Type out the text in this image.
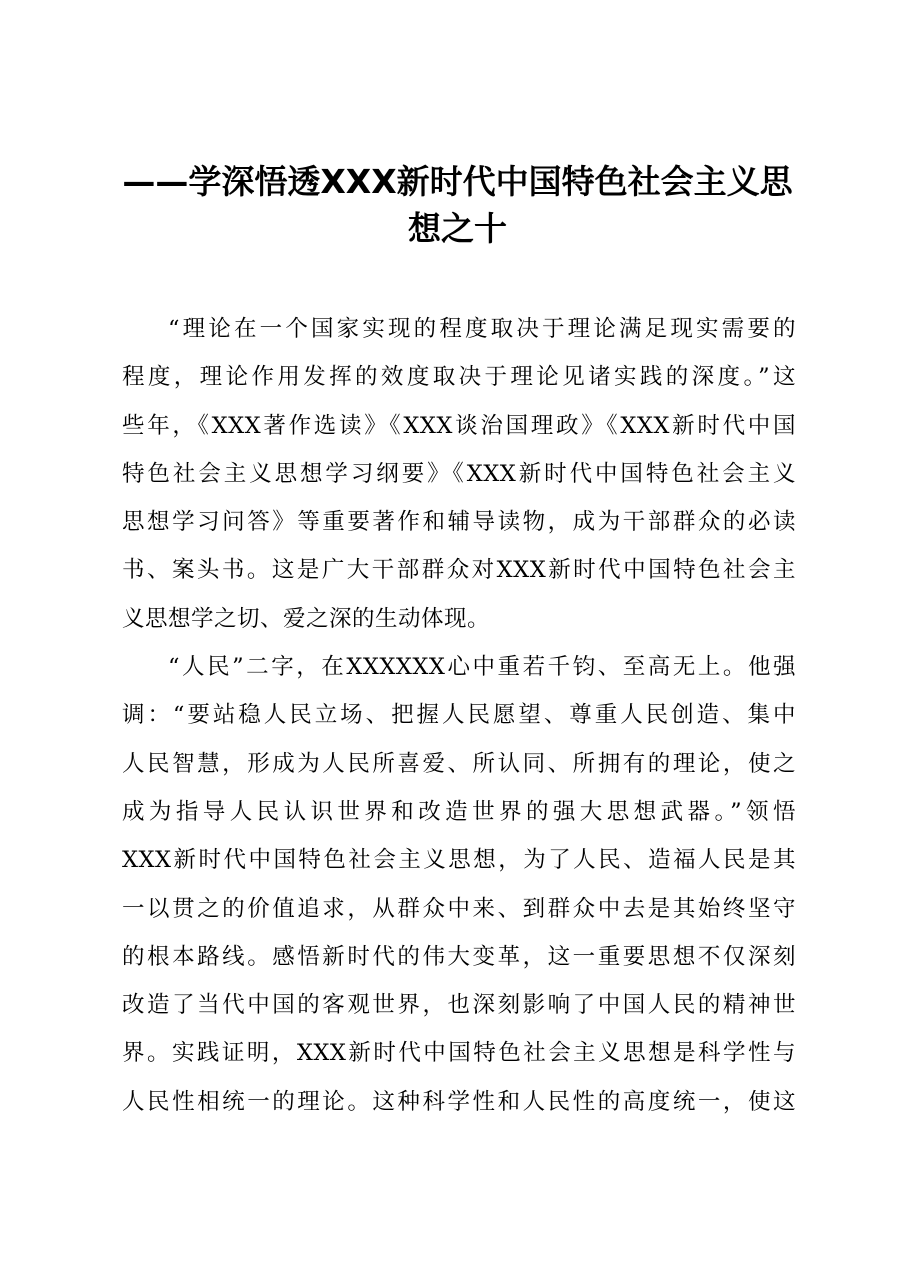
——学深悟透XXX新时代中国特色社会主义思
想之十
“理论在一个国家实现的程度取决于理论满足现实需要的
程度，理论作用发挥的效度取决于理论见诸实践的深度。”这
些年，《XXX著作选读》《XXX谈治国理政》《XXX新时代中国
特色社会主义思想学习纲要》《XXX新时代中国特色社会主义
思想学习问答》等重要著作和辅导读物，成为干部群众的必读
书、案头书。这是广大干部群众对XXX新时代中国特色社会主
义思想学之切、爱之深的生动体现。
“人民”二字，在XXXXXX心中重若千钧、至高无上。他强
调：“要站稳人民立场、把握人民愿望、尊重人民创造、集中
人民智慧，形成为人民所喜爱、所认同、所拥有的理论，使之
成为指导人民认识世界和改造世界的强大思想武器。”领悟
XXX新时代中国特色社会主义思想，为了人民、造福人民是其
一以贯之的价值追求，从群众中来、到群众中去是其始终坚守
的根本路线。感悟新时代的伟大变革，这一重要思想不仅深刻
改造了当代中国的客观世界，也深刻影响了中国人民的精神世
界。实践证明，XXX新时代中国特色社会主义思想是科学性与
人民性相统一的理论。这种科学性和人民性的高度统一，使这
